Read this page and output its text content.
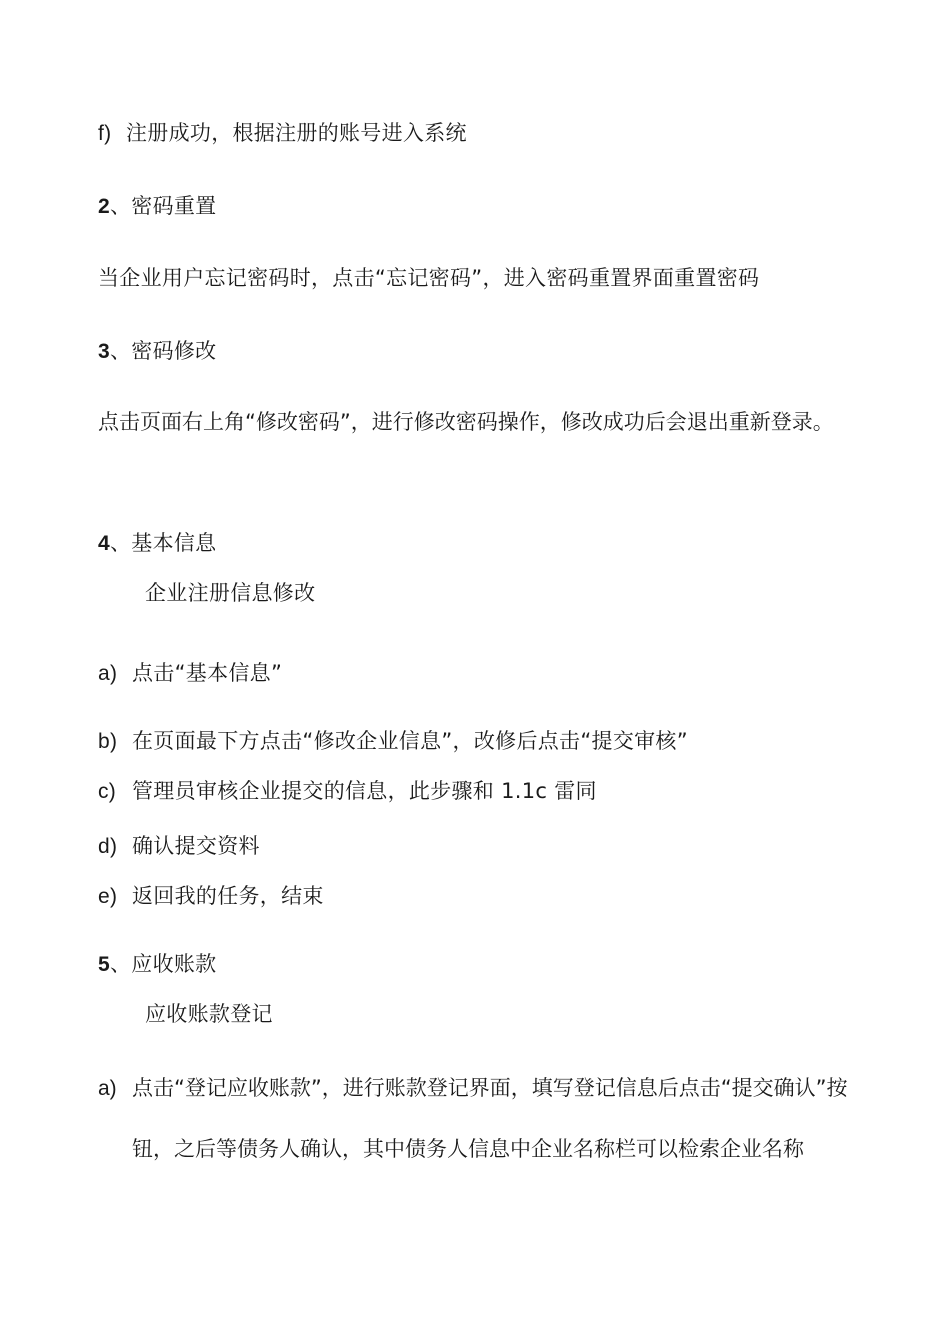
f) 注册成功，根据注册的账号进入系统
2、密码重置
当企业用户忘记密码时，点击“忘记密码”，进入密码重置界面重置密码
3、密码修改
点击页面右上角“修改密码”，进行修改密码操作，修改成功后会退出重新登录。
4、基本信息
企业注册信息修改
a) 点击“基本信息”
b) 在页面最下方点击“修改企业信息”，改修后点击“提交审核”
c) 管理员审核企业提交的信息，此步骤和 1.1c 雷同
d) 确认提交资料
e) 返回我的任务，结束
5、应收账款
应收账款登记
a) 点击“登记应收账款”，进行账款登记界面，填写登记信息后点击“提交确认”按钮，之后等债务人确认，其中债务人信息中企业名称栏可以检索企业名称
